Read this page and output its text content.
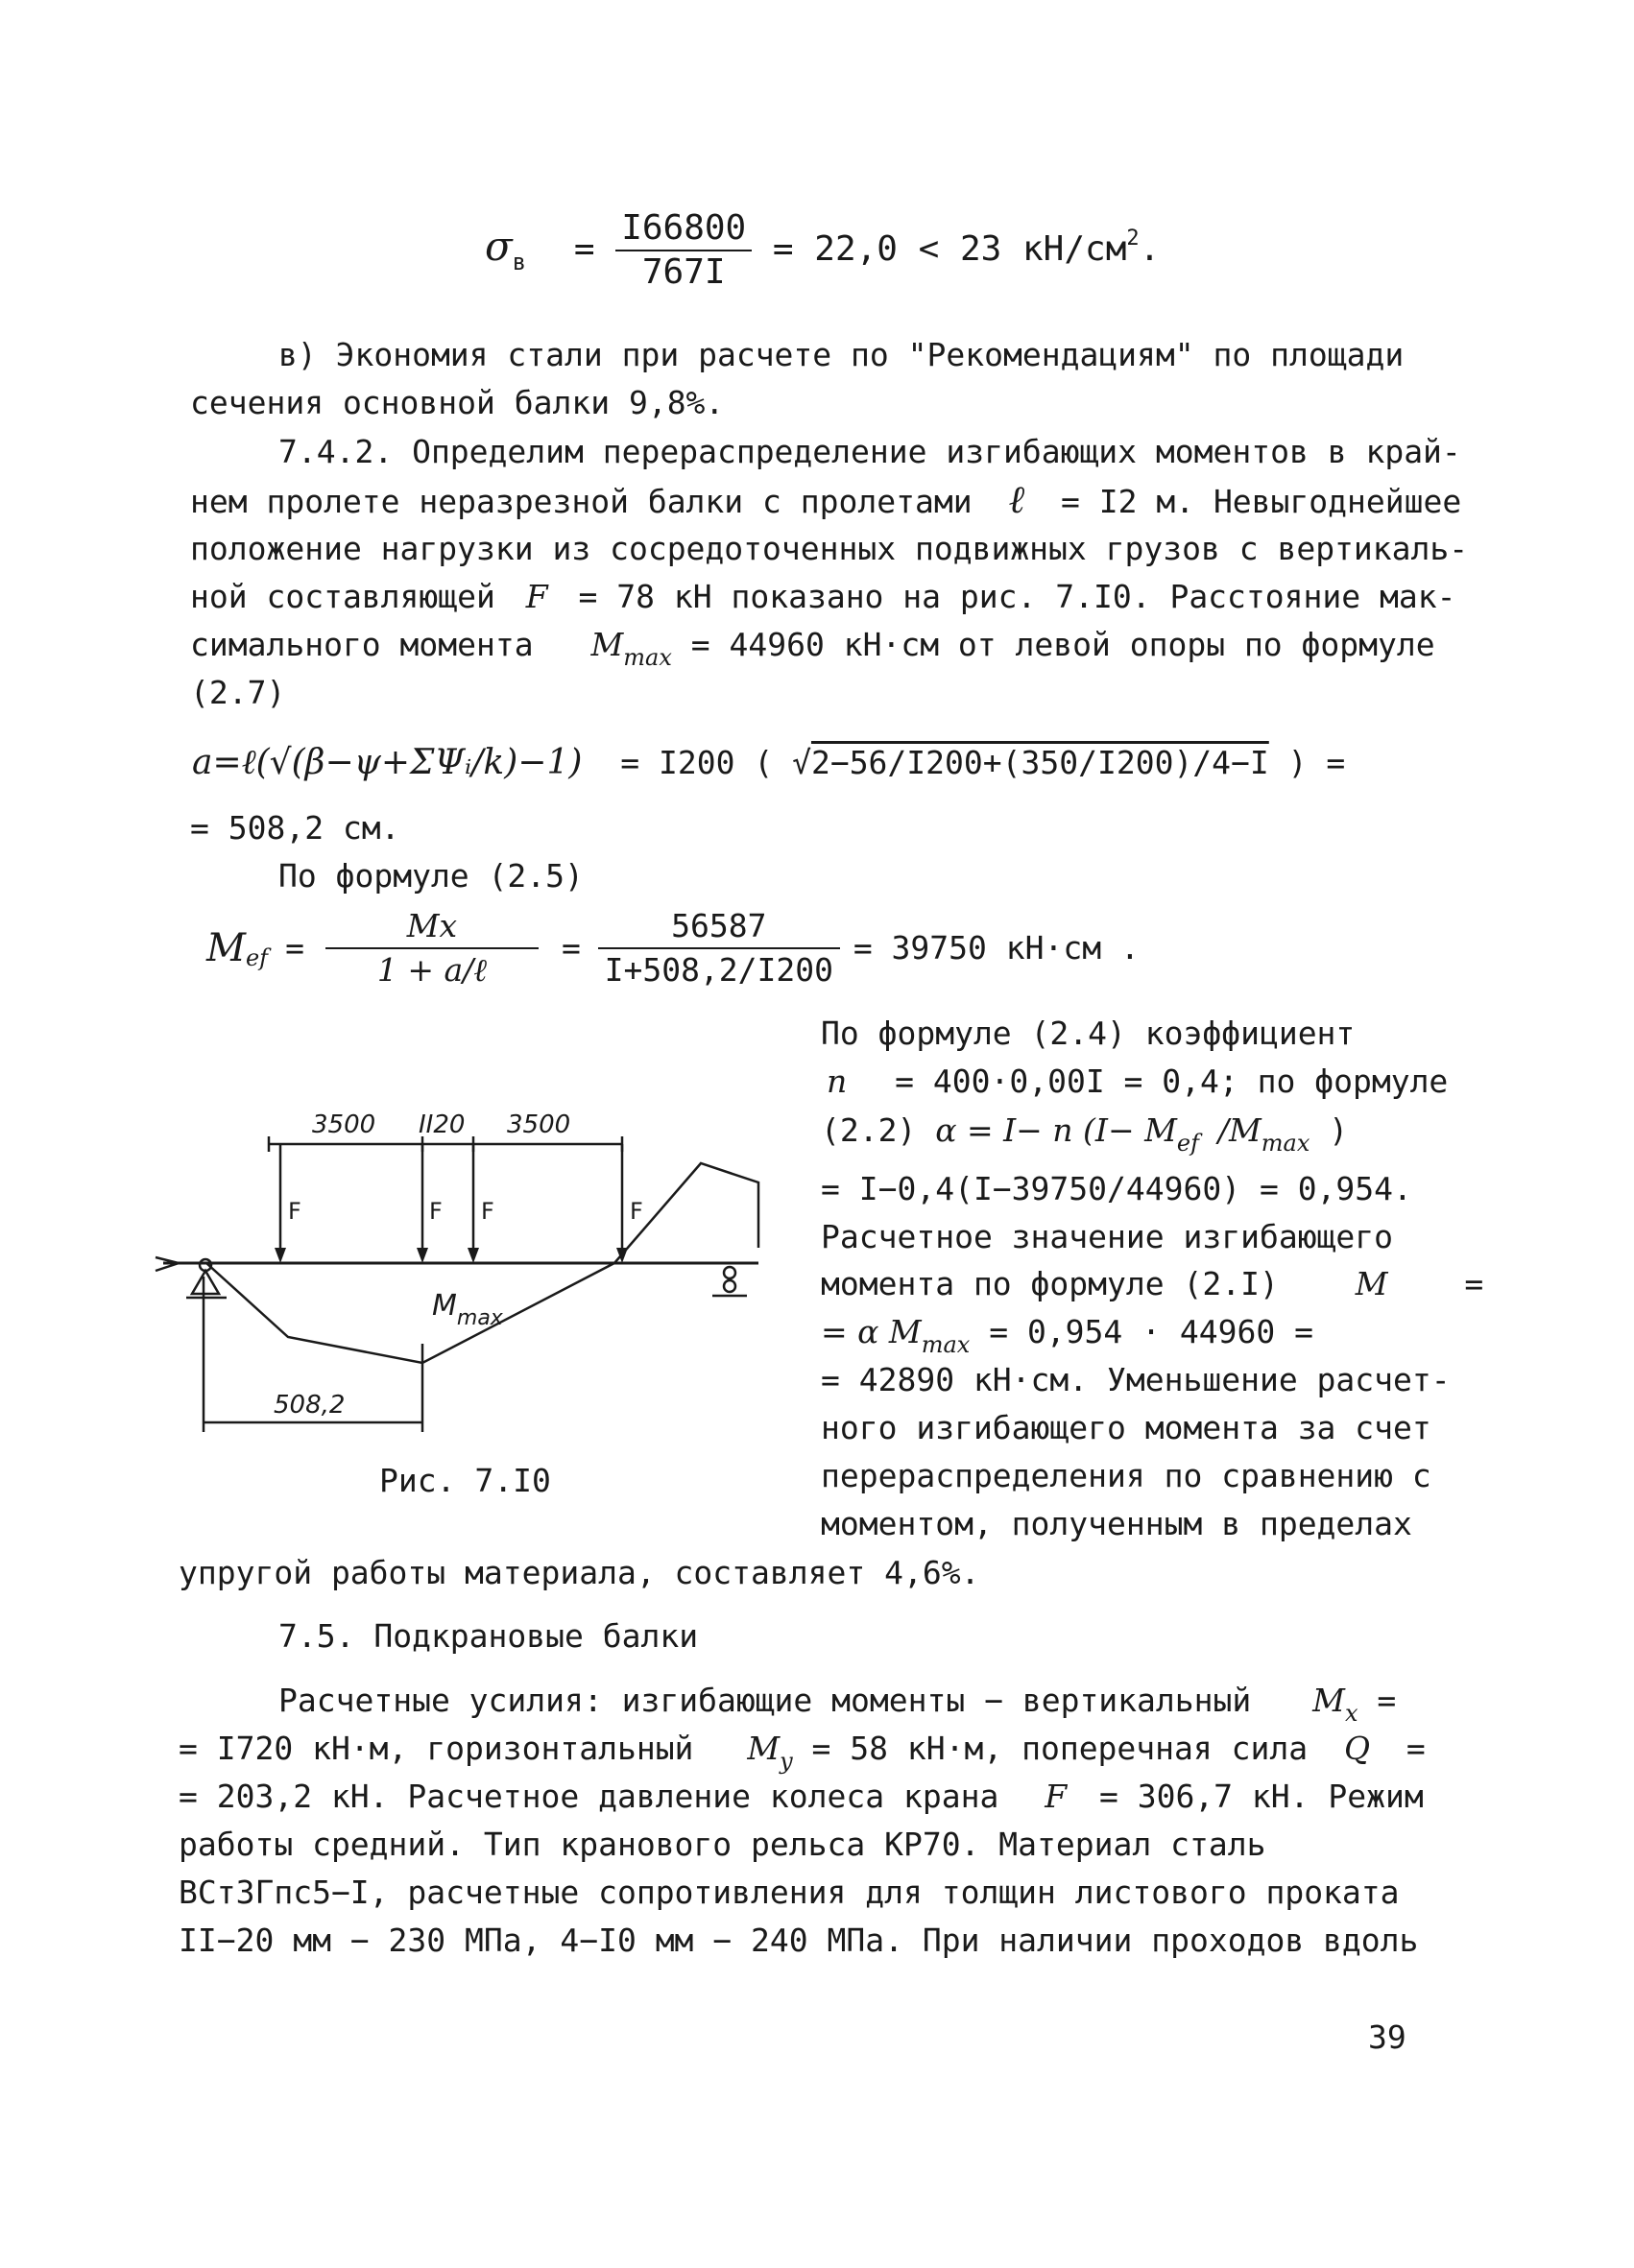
$\sigma_в = \frac{I66800}{767I} = 22,0 < 23$ $кН/см^2$.
в) Экономия стали при расчете по "Рекомендациям" по площади
сечения основной балки 9,8%.
7.4.2. Определим перераспределение изгибающих моментов в край-
нем пролете неразрезной балки с пролетами ℓ = I2 м. Невыгоднейшее
положение нагрузки из сосредоточенных подвижных грузов с вертикаль-
ной составляющей F = 78 кН показано на рис. 7.I0. Расстояние мак-
симального момента $M_{max} = 44960$ кН·см от левой опоры по формуле
(2.7)
a=ℓ(√(β−ψ+ΣΨᵢ/k)−1) = I200 ( √2−56/I200+(350/I200)/4−I ) =
= 508,2 см.
По формуле (2.5)
M ef = $\frac{Mx}{\text{1 + a/ℓ}} = \frac{56587}{I+508,2/I200} = 39750$ кН·см .
По формуле (2.4) коэффициент
n = 400·0,00I = 0,4; по формуле
(2.2) α = I− n ($I- M_{ef}$ $/M_{max}$ )
= I−0,4(I−39750/44960) = 0,954.
Расчетное значение изгибающего
момента по формуле (2.I) M =
= α $M_{max} = 0,954 \cdot 44960$ =
= 42890 кН·см. Уменьшение расчет-
ного изгибающего момента за счет
перераспределения по сравнению с
моментом, полученным в пределах
3500 II20 3500
F	F F	F
$M_{max}$
508,2
Рис. 7.I0
упругой работы материала, составляет 4,6%.
7.5. Подкрановые балки
Расчетные усилия: изгибающие моменты − вертикальный $M_x$ =
= I720 кН·м, горизонтальный $M_y = 58$ кН·м, поперечная сила Q =
= 203,2 кН. Расчетное давление колеса крана F = 306,7 кН. Режим
работы средний. Тип кранового рельса КР70. Материал сталь
ВСт3Гпс5−I, расчетные сопротивления для толщин листового проката
II−20 мм − 230 МПа, 4−I0 мм − 240 МПа. При наличии проходов вдоль
39
